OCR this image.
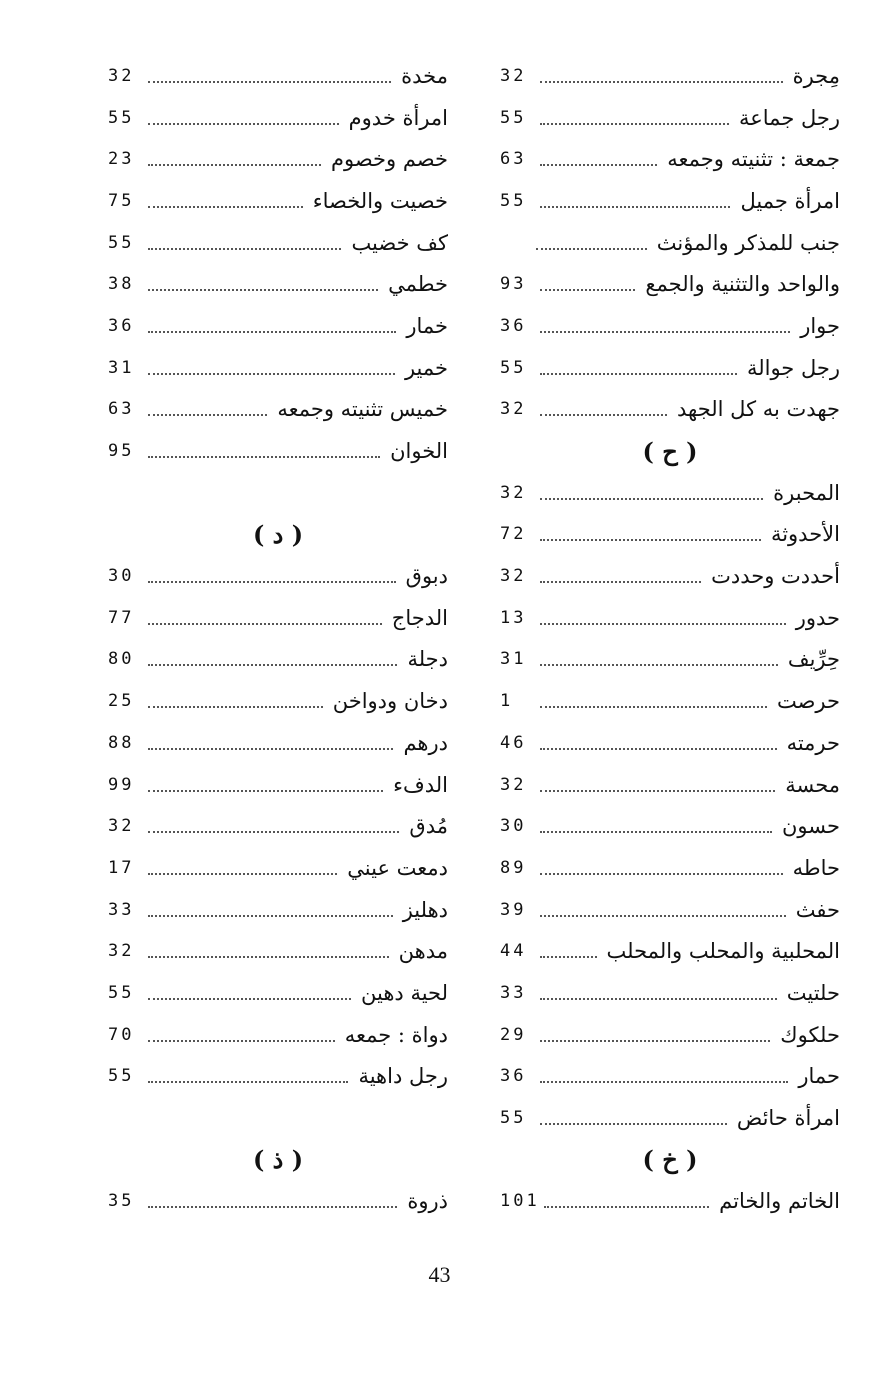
مِجرة
32
رجل جماعة
55
جمعة : تثنيته وجمعه
63
امرأة جميل
55
جنب للمذكر والمؤنث
والواحد والتثنية والجمع
93
جوار
36
رجل جوالة
55
جهدت به كل الجهد
32
( ح )
المحبرة
32
الأحدوثة
72
أحددت وحددت
32
حدور
13
حِرِّيف
31
حرصت
1
حرمته
46
محسة
32
حسون
30
حاطه
89
حفث
39
المحلبية والمحلب والمحلب
44
حلتيت
33
حلكوك
29
حمار
36
امرأة حائض
55
( خ )
الخاتم والخاتم
101
مخدة
32
امرأة خدوم
55
خصم وخصوم
23
خصيت والخصاء
75
كف خضيب
55
خطمي
38
خمار
36
خمير
31
خميس تثنيته وجمعه
63
الخوان
95
( د )
دبوق
30
الدجاج
77
دجلة
80
دخان ودواخن
25
درهم
88
الدفء
99
مُدق
32
دمعت عيني
17
دهليز
33
مدهن
32
لحية دهين
55
دواة : جمعه
70
رجل داهية
55
( ذ )
ذروة
35
43
